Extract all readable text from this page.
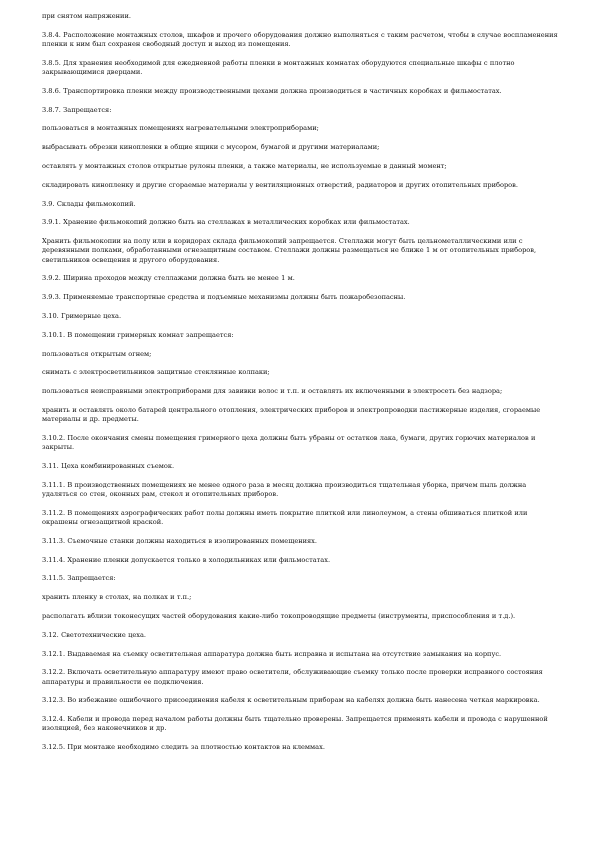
при снятом напряжении.

3.8.4. Расположение монтажных столов, шкафов и прочего оборудования должно выполняться с таким расчетом, чтобы в случае воспламенения пленки к ним был сохранен свободный доступ и выход из помещения.

3.8.5. Для хранения необходимой для ежедневной работы пленки в монтажных комнатах оборудуются специальные шкафы с плотно закрывающимися дверцами.

3.8.6. Транспортировка пленки между производственными цехами должна производиться в частичных коробках и фильмостатах.

3.8.7. Запрещается:

пользоваться в монтажных помещениях нагревательными электроприборами;

выбрасывать обрезки кинопленки в общие ящики с мусором, бумагой и другими материалами;

оставлять у монтажных столов открытые рулоны пленки, а также материалы, не используемые в данный момент;

складировать кинопленку и другие сгораемые материалы у вентиляционных отверстий, радиаторов и других отопительных приборов.

3.9. Склады фильмокопий.

3.9.1. Хранение фильмокопий должно быть на стеллажах в металлических коробках или фильмостатах.

Хранить фильмокопии на полу или в коридорах склада фильмокопий запрещается. Стеллажи могут быть цельнометаллическими или с деревянными полками, обработанными огнезащитным составом. Стеллажи должны размещаться не ближе 1 м от отопительных приборов, светильников освещения и другого оборудования.

3.9.2. Ширина проходов между стеллажами должна быть не менее 1 м.

3.9.3. Применяемые транспортные средства и подъемные механизмы должны быть пожаробезопасны.

3.10. Гримерные цеха.

3.10.1. В помещении гримерных комнат запрещается:

пользоваться открытым огнем;

снимать с электросветильников защитные стеклянные колпаки;

пользоваться неисправными электроприборами для завивки волос и т.п. и оставлять их включенными в электросеть без надзора;

хранить и оставлять около батарей центрального отопления, электрических приборов и электропроводки пастижерные изделия, сгораемые материалы и др. предметы.

3.10.2. После окончания смены помещения гримерного цеха должны быть убраны от остатков лака, бумаги, других горючих материалов и закрыты.

3.11. Цеха комбинированных съемок.

3.11.1. В производственных помещениях не менее одного раза в месяц должна производиться тщательная уборка, причем пыль должна удаляться со стен, оконных рам, стекол и отопительных приборов.

3.11.2. В помещениях аэрографических работ полы должны иметь покрытие плиткой или линолеумом, а стены обшиваться плиткой или окрашены огнезащитной краской.

3.11.3. Съемочные станки должны находиться в изолированных помещениях.

3.11.4. Хранение пленки допускается только в холодильниках или фильмостатах.

3.11.5. Запрещается:

хранить пленку в столах, на полках и т.п.;

располагать вблизи токонесущих частей оборудования какие-либо токопроводящие предметы (инструменты, приспособления и т.д.).

3.12. Светотехнические цеха.

3.12.1. Выдаваемая на съемку осветительная аппаратура должна быть исправна и испытана на отсутствие замыкания на корпус.

3.12.2. Включать осветительную аппаратуру имеют право осветители, обслуживающие съемку только после проверки исправного состояния аппаратуры и правильности ее подключения.

3.12.3. Во избежание ошибочного присоединения кабеля к осветительным приборам на кабелях должна быть нанесена четкая маркировка.

3.12.4. Кабели и провода перед началом работы должны быть тщательно проверены. Запрещается применять кабели и провода с нарушенной изоляцией, без наконечников и др.

3.12.5. При монтаже необходимо следить за плотностью контактов на клеммах.
